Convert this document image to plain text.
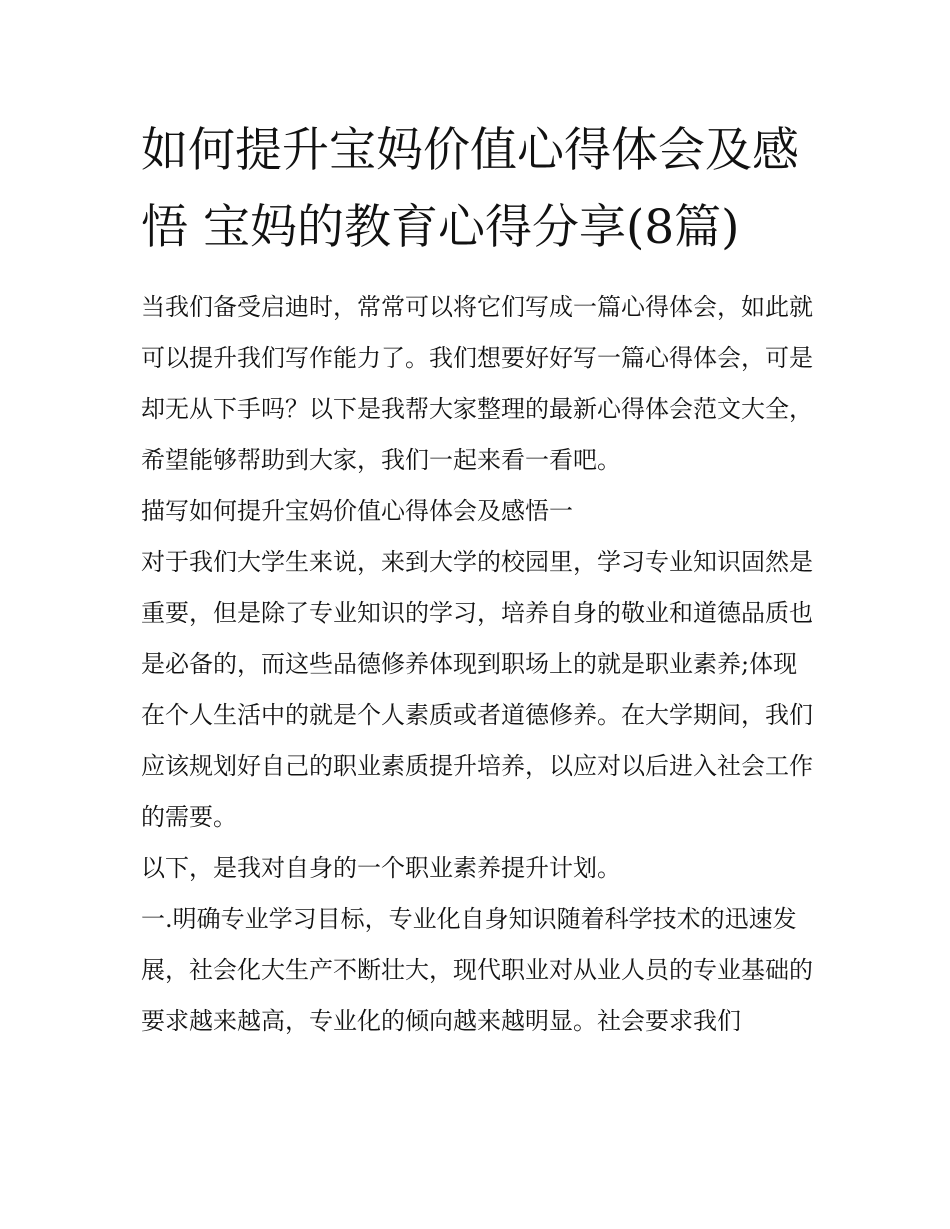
如何提升宝妈价值心得体会及感悟 宝妈的教育心得分享(8篇)

当我们备受启迪时，常常可以将它们写成一篇心得体会，如此就可以提升我们写作能力了。我们想要好好写一篇心得体会，可是却无从下手吗？以下是我帮大家整理的最新心得体会范文大全，希望能够帮助到大家，我们一起来看一看吧。

描写如何提升宝妈价值心得体会及感悟一

对于我们大学生来说，来到大学的校园里，学习专业知识固然是重要，但是除了专业知识的学习，培养自身的敬业和道德品质也是必备的，而这些品德修养体现到职场上的就是职业素养;体现在个人生活中的就是个人素质或者道德修养。在大学期间，我们应该规划好自己的职业素质提升培养，以应对以后进入社会工作的需要。

以下，是我对自身的一个职业素养提升计划。

一.明确专业学习目标，专业化自身知识随着科学技术的迅速发展，社会化大生产不断壮大，现代职业对从业人员的专业基础的要求越来越高，专业化的倾向越来越明显。社会要求我们
